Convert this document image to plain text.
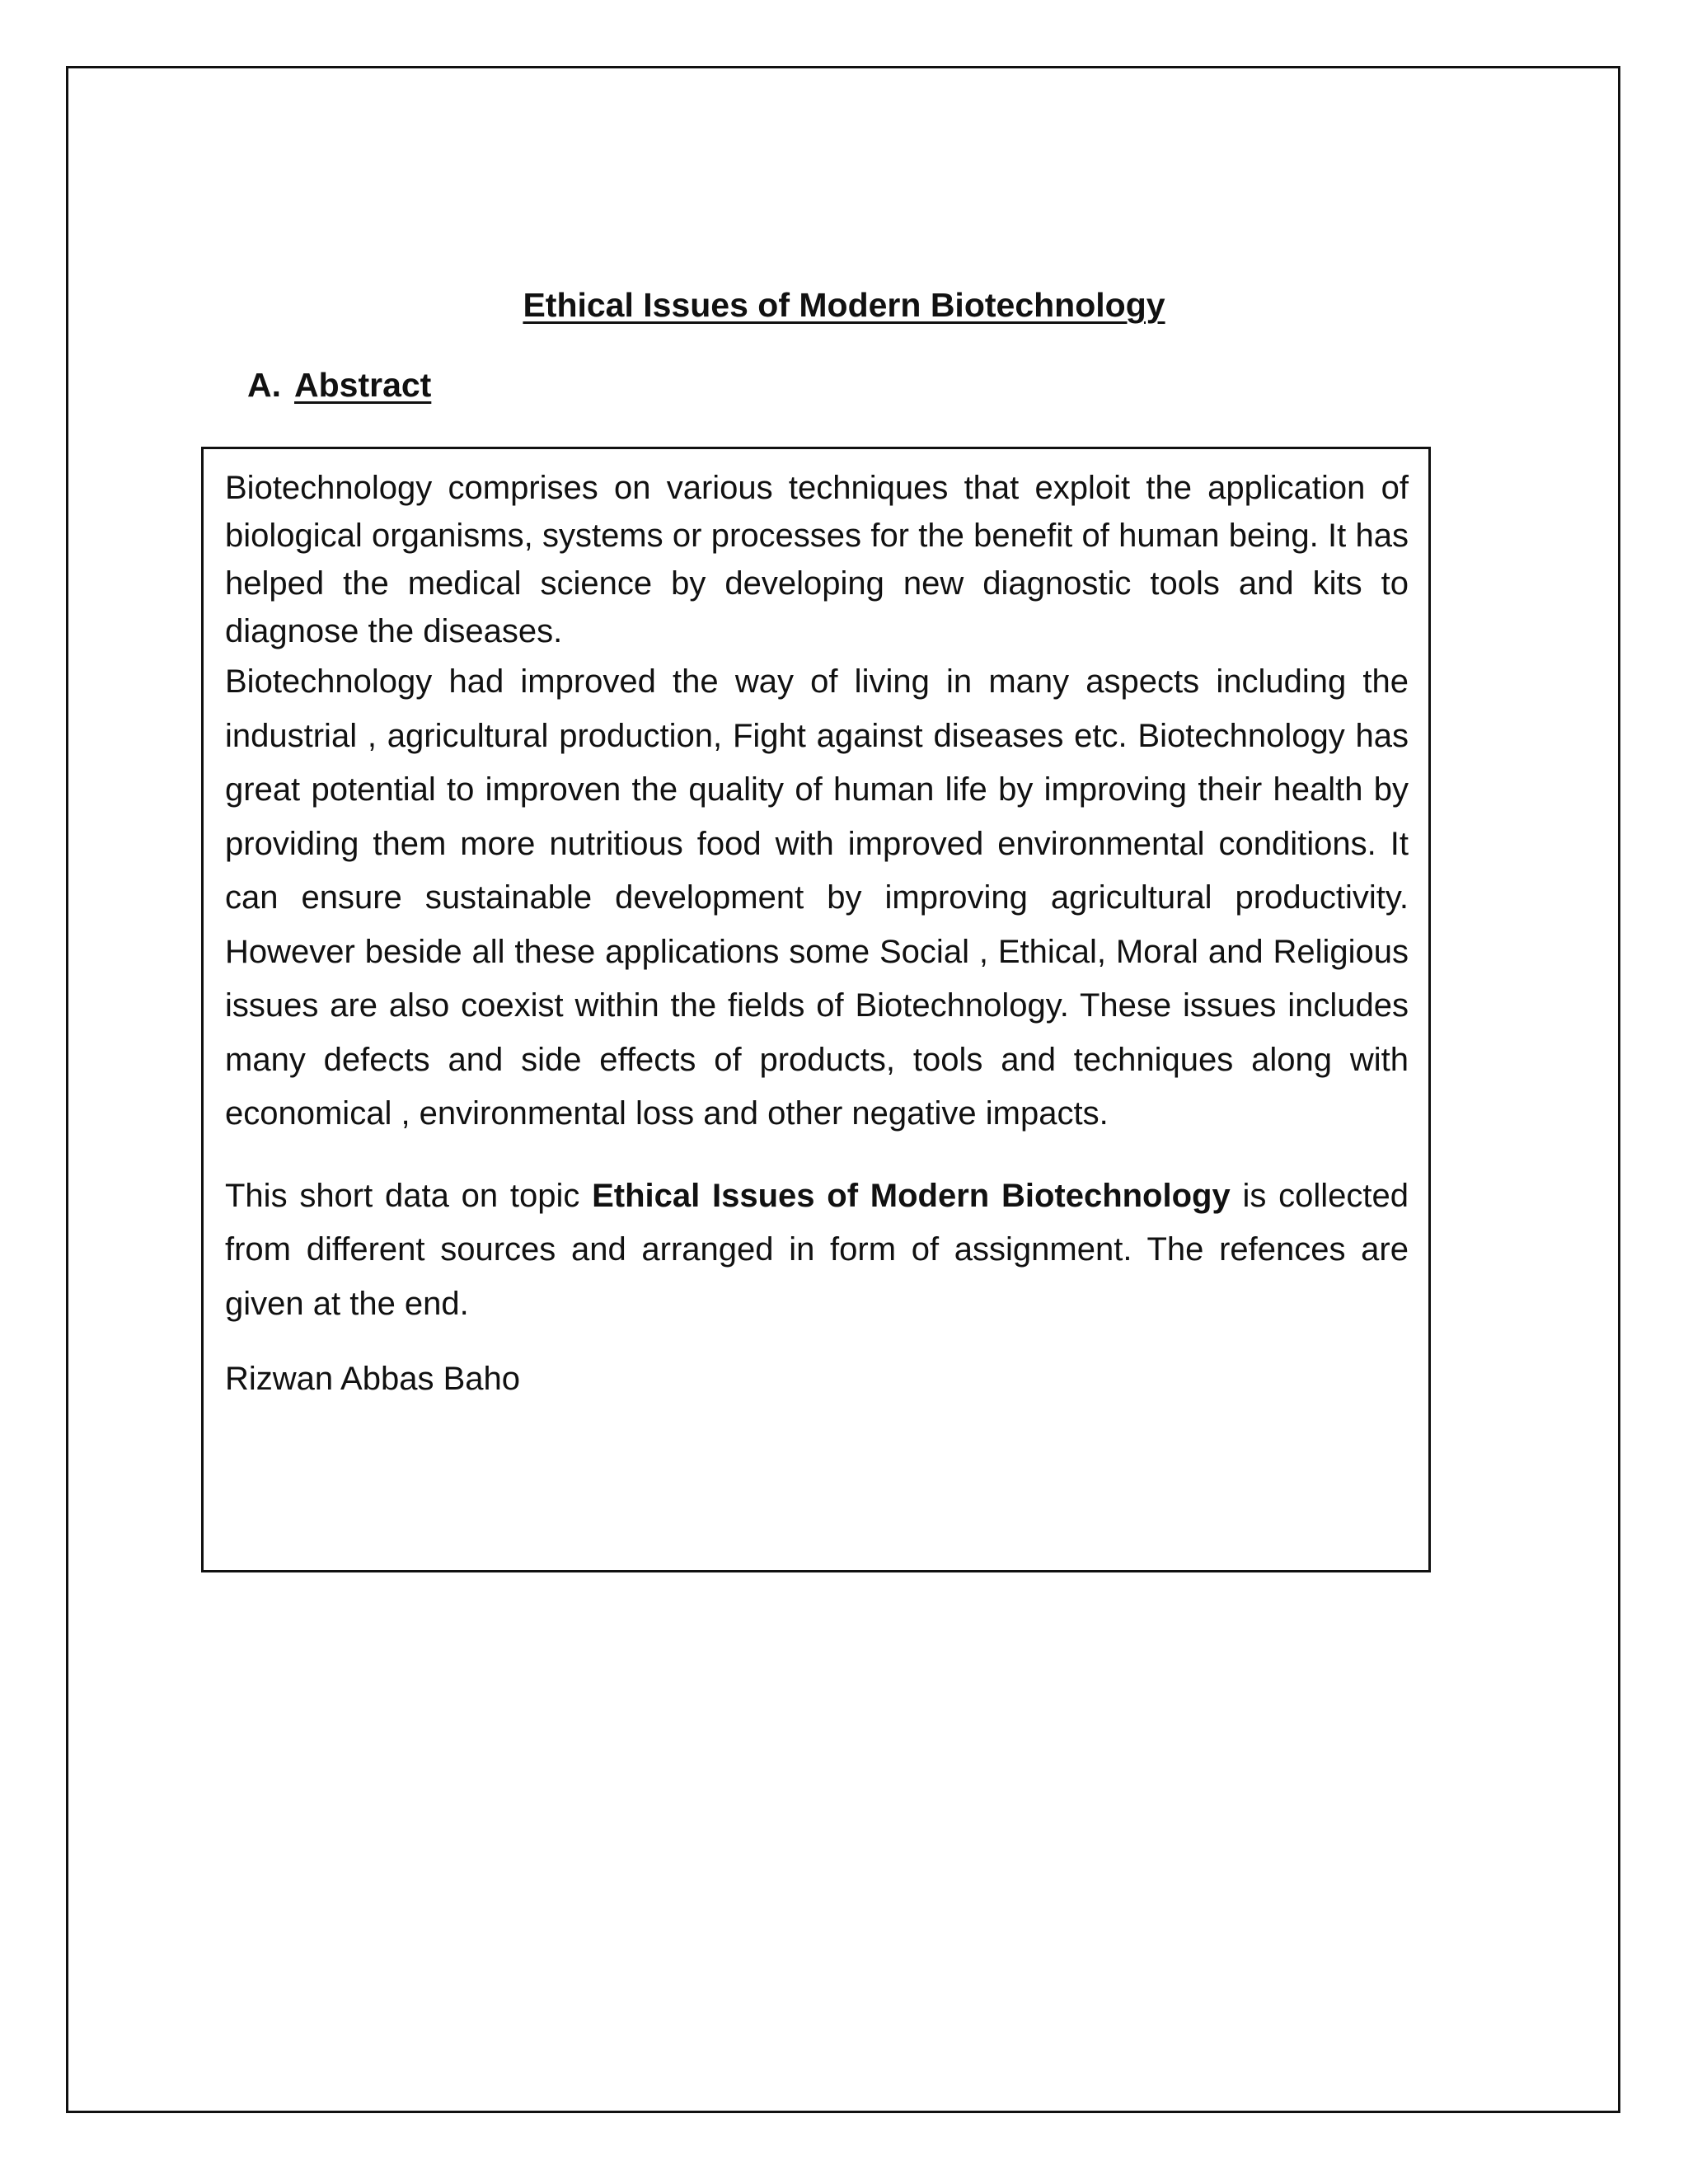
Ethical Issues of Modern Biotechnology
A. Abstract

Biotechnology comprises on various techniques that exploit the application of biological organisms, systems or processes for the benefit of human being. It has helped the medical science by developing new diagnostic tools and kits to diagnose the diseases.

Biotechnology had improved the way of living in many aspects including the industrial , agricultural production, Fight against diseases etc. Biotechnology has great potential to improven the quality of human life by improving their health by providing them more nutritious food with improved environmental conditions. It can ensure sustainable development by improving agricultural productivity. However beside all these applications some Social , Ethical, Moral and Religious issues are also coexist within the fields of Biotechnology. These issues includes many defects and side effects of products, tools and techniques along with economical , environmental loss and other negative impacts.

This short data on topic Ethical Issues of Modern Biotechnology is collected from different sources and arranged in form of assignment. The refences are given at the end.

Rizwan Abbas Baho
